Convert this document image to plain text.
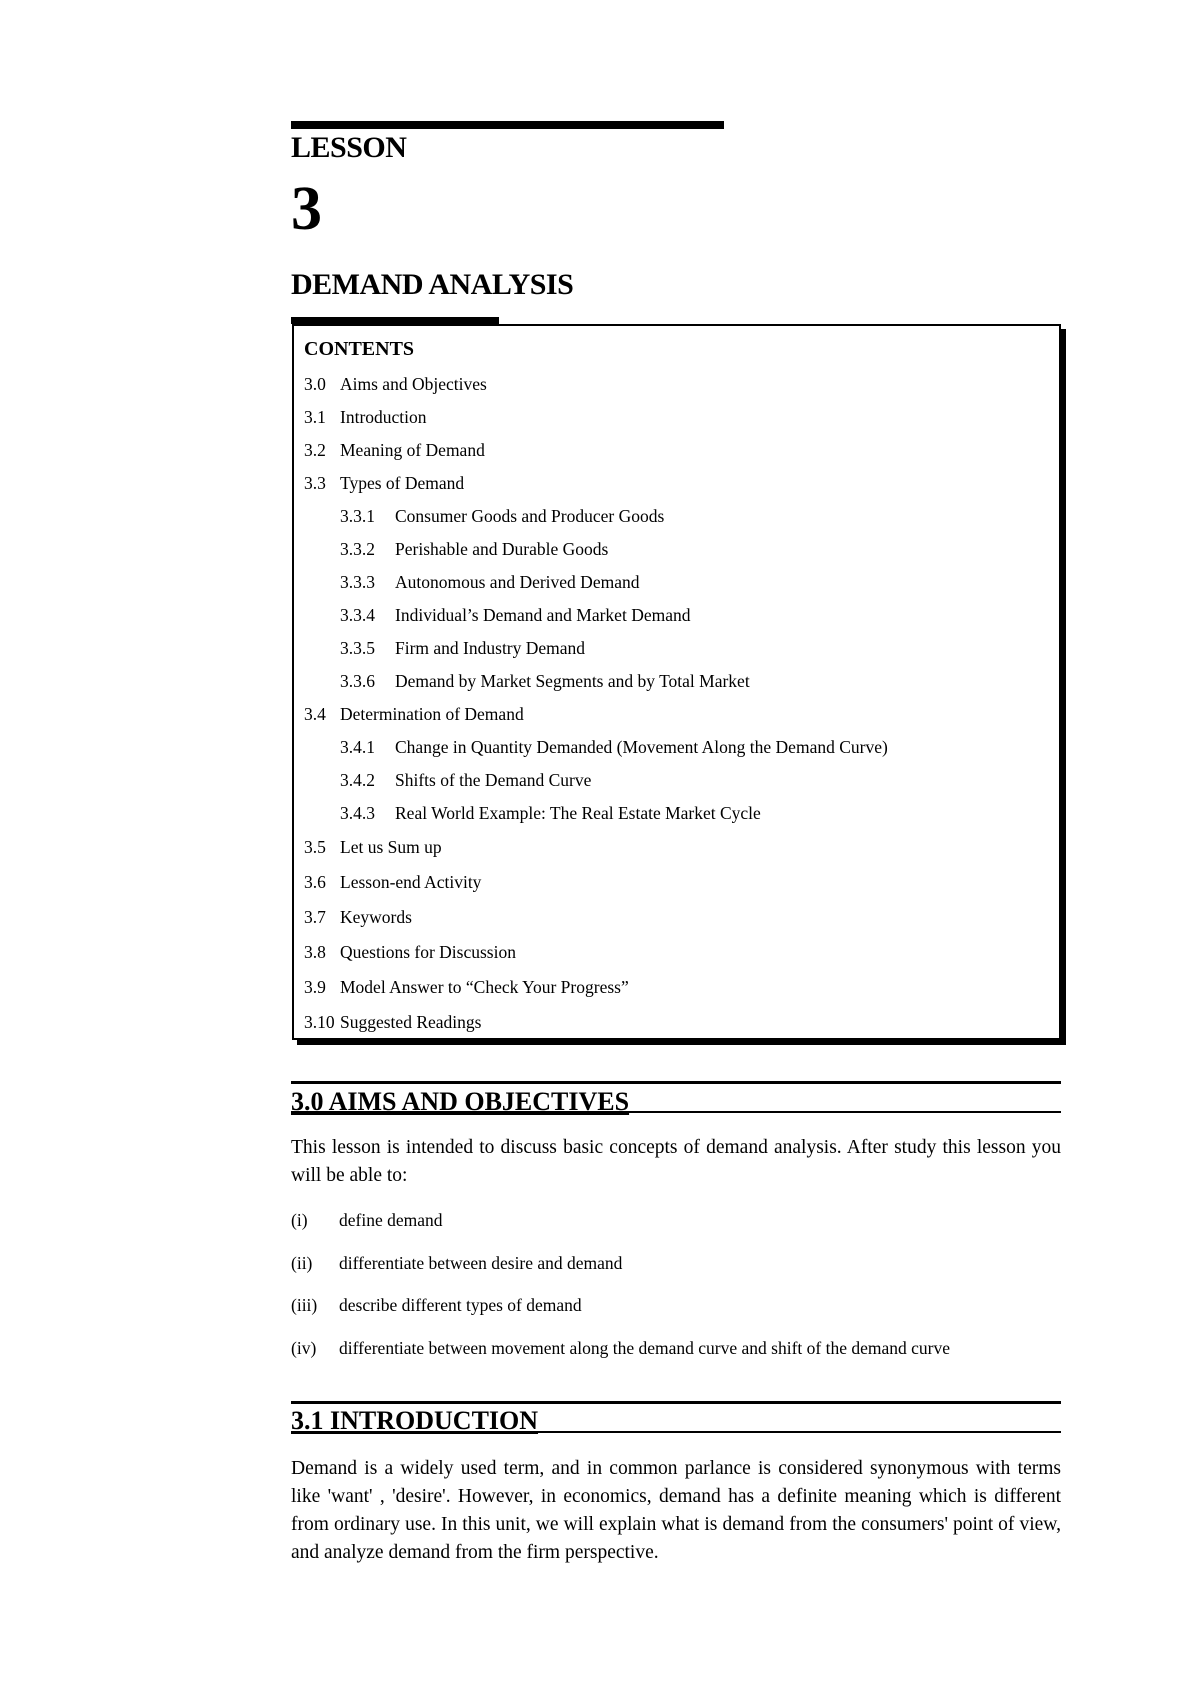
LESSON
3
DEMAND ANALYSIS
CONTENTS
3.0 Aims and Objectives
3.1 Introduction
3.2 Meaning of Demand
3.3 Types of Demand
3.3.1 Consumer Goods and Producer Goods
3.3.2 Perishable and Durable Goods
3.3.3 Autonomous and Derived Demand
3.3.4 Individual’s Demand and Market Demand
3.3.5 Firm and Industry Demand
3.3.6 Demand by Market Segments and by Total Market
3.4 Determination of Demand
3.4.1 Change in Quantity Demanded (Movement Along the Demand Curve)
3.4.2 Shifts of the Demand Curve
3.4.3 Real World Example: The Real Estate Market Cycle
3.5 Let us Sum up
3.6 Lesson-end Activity
3.7 Keywords
3.8 Questions for Discussion
3.9 Model Answer to “Check Your Progress”
3.10 Suggested Readings
3.0 AIMS AND OBJECTIVES
This lesson is intended to discuss basic concepts of demand analysis. After study this lesson you will be able to:
(i) define demand
(ii) differentiate between desire and demand
(iii) describe different types of demand
(iv) differentiate between movement along the demand curve and shift of the demand curve
3.1 INTRODUCTION
Demand is a widely used term, and in common parlance is considered synonymous with terms like 'want' , 'desire'. However, in economics, demand has a definite meaning which is different from ordinary use. In this unit, we will explain what is demand from the consumers' point of view, and analyze demand from the firm perspective.
